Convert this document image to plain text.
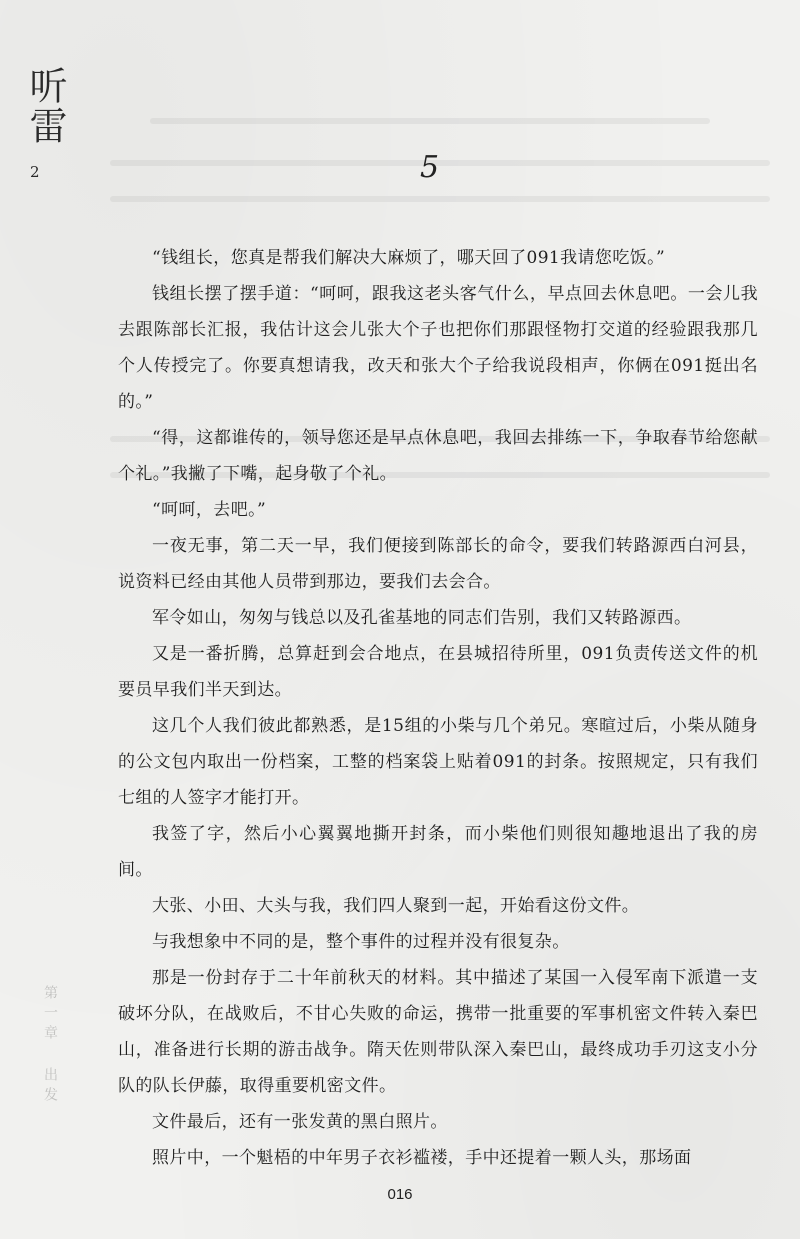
听雷
2
第一章 出发
5

“钱组长，您真是帮我们解决大麻烦了，哪天回了091我请您吃饭。”

钱组长摆了摆手道：“呵呵，跟我这老头客气什么，早点回去休息吧。一会儿我去跟陈部长汇报，我估计这会儿张大个子也把你们那跟怪物打交道的经验跟我那几个人传授完了。你要真想请我，改天和张大个子给我说段相声，你俩在091挺出名的。”

“得，这都谁传的，领导您还是早点休息吧，我回去排练一下，争取春节给您献个礼。”我撇了下嘴，起身敬了个礼。

“呵呵，去吧。”

一夜无事，第二天一早，我们便接到陈部长的命令，要我们转路源西白河县，说资料已经由其他人员带到那边，要我们去会合。

军令如山，匆匆与钱总以及孔雀基地的同志们告别，我们又转路源西。

又是一番折腾，总算赶到会合地点，在县城招待所里，091负责传送文件的机要员早我们半天到达。

这几个人我们彼此都熟悉，是15组的小柴与几个弟兄。寒暄过后，小柴从随身的公文包内取出一份档案，工整的档案袋上贴着091的封条。按照规定，只有我们七组的人签字才能打开。

我签了字，然后小心翼翼地撕开封条，而小柴他们则很知趣地退出了我的房间。

大张、小田、大头与我，我们四人聚到一起，开始看这份文件。

与我想象中不同的是，整个事件的过程并没有很复杂。

那是一份封存于二十年前秋天的材料。其中描述了某国一入侵军南下派遣一支破坏分队，在战败后，不甘心失败的命运，携带一批重要的军事机密文件转入秦巴山，准备进行长期的游击战争。隋天佐则带队深入秦巴山，最终成功手刃这支小分队的队长伊藤，取得重要机密文件。

文件最后，还有一张发黄的黑白照片。

照片中，一个魁梧的中年男子衣衫褴褛，手中还提着一颗人头，那场面

016
